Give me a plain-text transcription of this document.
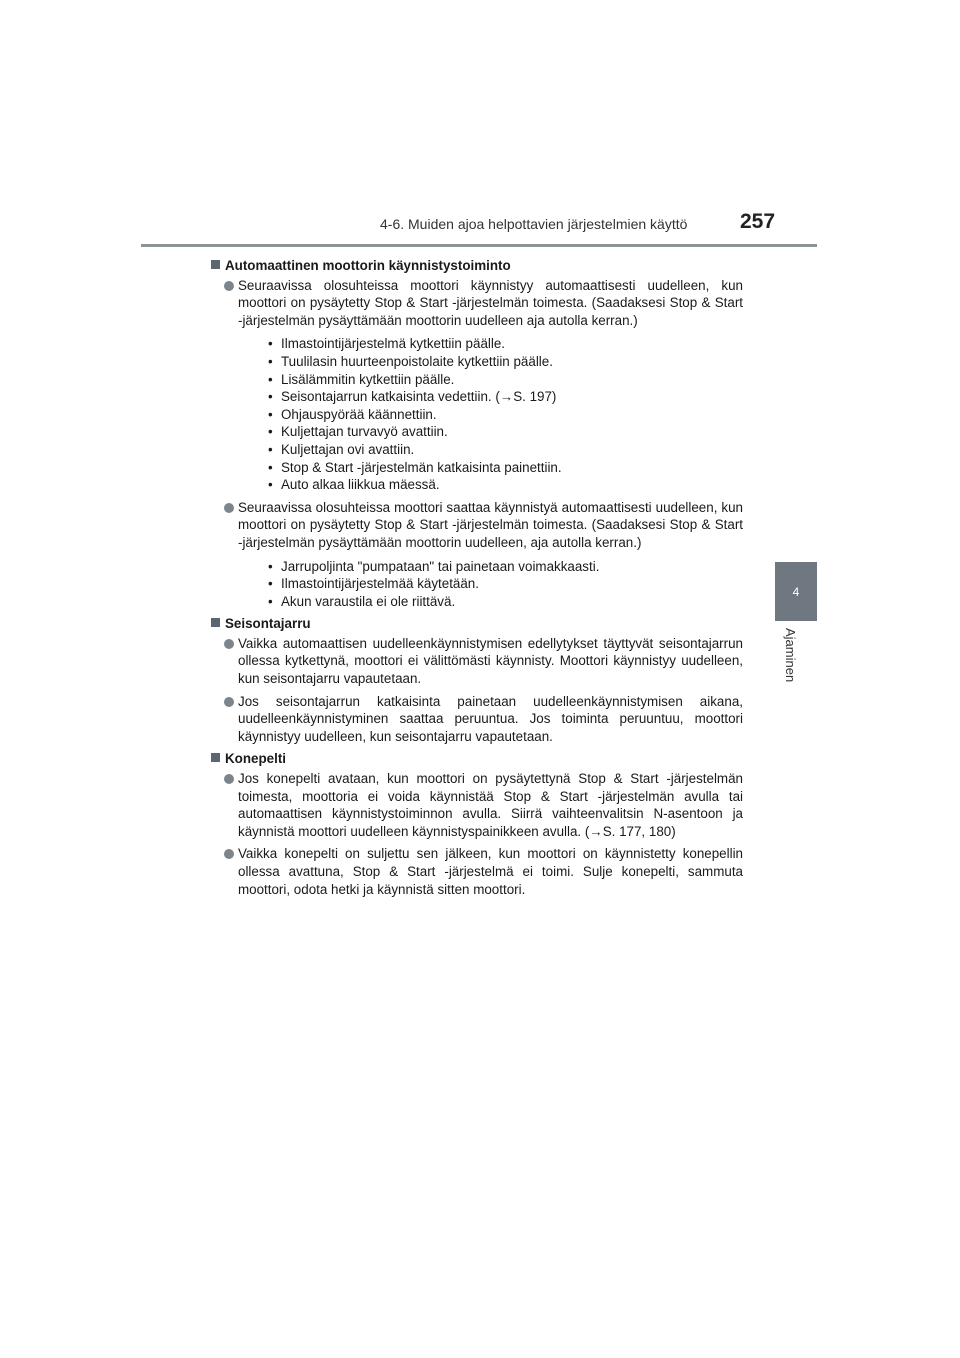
4-6. Muiden ajoa helpottavien järjestelmien käyttö	257
4
Ajaminen
Automaattinen moottorin käynnistystoiminto
Seuraavissa olosuhteissa moottori käynnistyy automaattisesti uudelleen, kun moottori on pysäytetty Stop & Start -järjestelmän toimesta. (Saadaksesi Stop & Start -järjestelmän pysäyttämään moottorin uudelleen aja autolla kerran.)
• Ilmastointijärjestelmä kytkettiin päälle.
• Tuulilasin huurteenpoistolaite kytkettiin päälle.
• Lisälämmitin kytkettiin päälle.
• Seisontajarrun katkaisinta vedettiin. (→S. 197)
• Ohjauspyörää käännettiin.
• Kuljettajan turvavyö avattiin.
• Kuljettajan ovi avattiin.
• Stop & Start -järjestelmän katkaisinta painettiin.
• Auto alkaa liikkua mäessä.
Seuraavissa olosuhteissa moottori saattaa käynnistyä automaattisesti uudelleen, kun moottori on pysäytetty Stop & Start -järjestelmän toimesta. (Saadaksesi Stop & Start -järjestelmän pysäyttämään moottorin uudelleen, aja autolla kerran.)
• Jarrupoljinta "pumpataan" tai painetaan voimakkaasti.
• Ilmastointijärjestelmää käytetään.
• Akun varaustila ei ole riittävä.
Seisontajarru
Vaikka automaattisen uudelleenkäynnistymisen edellytykset täyttyvät seisontajarrun ollessa kytkettynä, moottori ei välittömästi käynnisty. Moottori käynnistyy uudelleen, kun seisontajarru vapautetaan.
Jos seisontajarrun katkaisinta painetaan uudelleenkäynnistymisen aikana, uudelleenkäynnistyminen saattaa peruuntua. Jos toiminta peruuntuu, moottori käynnistyy uudelleen, kun seisontajarru vapautetaan.
Konepelti
Jos konepelti avataan, kun moottori on pysäytettynä Stop & Start -järjestelmän toimesta, moottoria ei voida käynnistää Stop & Start -järjestelmän avulla tai automaattisen käynnistystoiminnon avulla. Siirrä vaihteenvalitsin N-asentoon ja käynnistä moottori uudelleen käynnistyspainikkeen avulla. (→S. 177, 180)
Vaikka konepelti on suljettu sen jälkeen, kun moottori on käynnistetty konepellin ollessa avattuna, Stop & Start -järjestelmä ei toimi. Sulje konepelti, sammuta moottori, odota hetki ja käynnistä sitten moottori.
